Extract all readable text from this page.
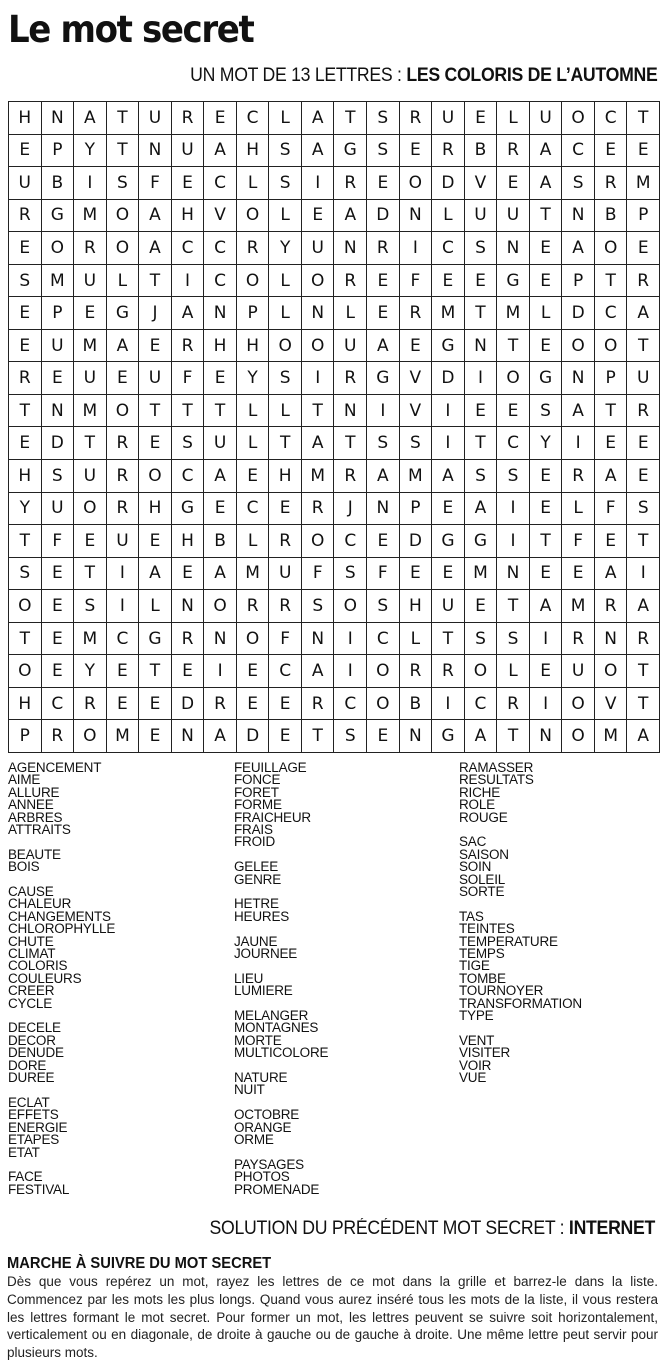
Le mot secret
UN MOT DE 13 LETTRES : LES COLORIS DE L’AUTOMNE
H	N	A	T	U	R	E	C	L	A	T	S	R	U	E	L	U	O	C	T
E	P	Y	T	N	U	A	H	S	A	G	S	E	R	B	R	A	C	E	E
U	B	I	S	F	E	C	L	S	I	R	E	O	D	V	E	A	S	R	M
R	G	M	O	A	H	V	O	L	E	A	D	N	L	U	U	T	N	B	P
E	O	R	O	A	C	C	R	Y	U	N	R	I	C	S	N	E	A	O	E
S	M	U	L	T	I	C	O	L	O	R	E	F	E	E	G	E	P	T	R
E	P	E	G	J	A	N	P	L	N	L	E	R	M	T	M	L	D	C	A
E	U	M	A	E	R	H	H	O	O	U	A	E	G	N	T	E	O	O	T
R	E	U	E	U	F	E	Y	S	I	R	G	V	D	I	O	G	N	P	U
T	N	M	O	T	T	T	L	L	T	N	I	V	I	E	E	S	A	T	R
E	D	T	R	E	S	U	L	T	A	T	S	S	I	T	C	Y	I	E	E
H	S	U	R	O	C	A	E	H	M	R	A	M	A	S	S	E	R	A	E
Y	U	O	R	H	G	E	C	E	R	J	N	P	E	A	I	E	L	F	S
T	F	E	U	E	H	B	L	R	O	C	E	D	G	G	I	T	F	E	T
S	E	T	I	A	E	A	M	U	F	S	F	E	E	M	N	E	E	A	I
O	E	S	I	L	N	O	R	R	S	O	S	H	U	E	T	A	M	R	A
T	E	M	C	G	R	N	O	F	N	I	C	L	T	S	S	I	R	N	R
O	E	Y	E	T	E	I	E	C	A	I	O	R	R	O	L	E	U	O	T
H	C	R	E	E	D	R	E	E	R	C	O	B	I	C	R	I	O	V	T
P	R	O	M	E	N	A	D	E	T	S	E	N	G	A	T	N	O	M	A
AGENCEMENT
AIME
ALLURE
ANNEE
ARBRES
ATTRAITS
BEAUTE
BOIS
CAUSE
CHALEUR
CHANGEMENTS
CHLOROPHYLLE
CHUTE
CLIMAT
COLORIS
COULEURS
CREER
CYCLE
DECELE
DECOR
DENUDE
DORE
DUREE
ECLAT
EFFETS
ENERGIE
ETAPES
ETAT
FACE
FESTIVAL
FEUILLAGE
FONCE
FORET
FORME
FRAICHEUR
FRAIS
FROID
GELEE
GENRE
HETRE
HEURES
JAUNE
JOURNEE
LIEU
LUMIERE
MELANGER
MONTAGNES
MORTE
MULTICOLORE
NATURE
NUIT
OCTOBRE
ORANGE
ORME
PAYSAGES
PHOTOS
PROMENADE
RAMASSER
RESULTATS
RICHE
ROLE
ROUGE
SAC
SAISON
SOIN
SOLEIL
SORTE
TAS
TEINTES
TEMPERATURE
TEMPS
TIGE
TOMBE
TOURNOYER
TRANSFORMATION
TYPE
VENT
VISITER
VOIR
VUE
SOLUTION DU PRÉCÉDENT MOT SECRET : INTERNET
MARCHE À SUIVRE DU MOT SECRET
Dès que vous repérez un mot, rayez les lettres de ce mot dans la grille et barrez-le dans la liste. Commencez par les mots les plus longs. Quand vous aurez inséré tous les mots de la liste, il vous restera les lettres formant le mot secret. Pour former un mot, les lettres peuvent se suivre soit horizontalement, verticalement ou en diagonale, de droite à gauche ou de gauche à droite. Une même lettre peut servir pour plusieurs mots.
